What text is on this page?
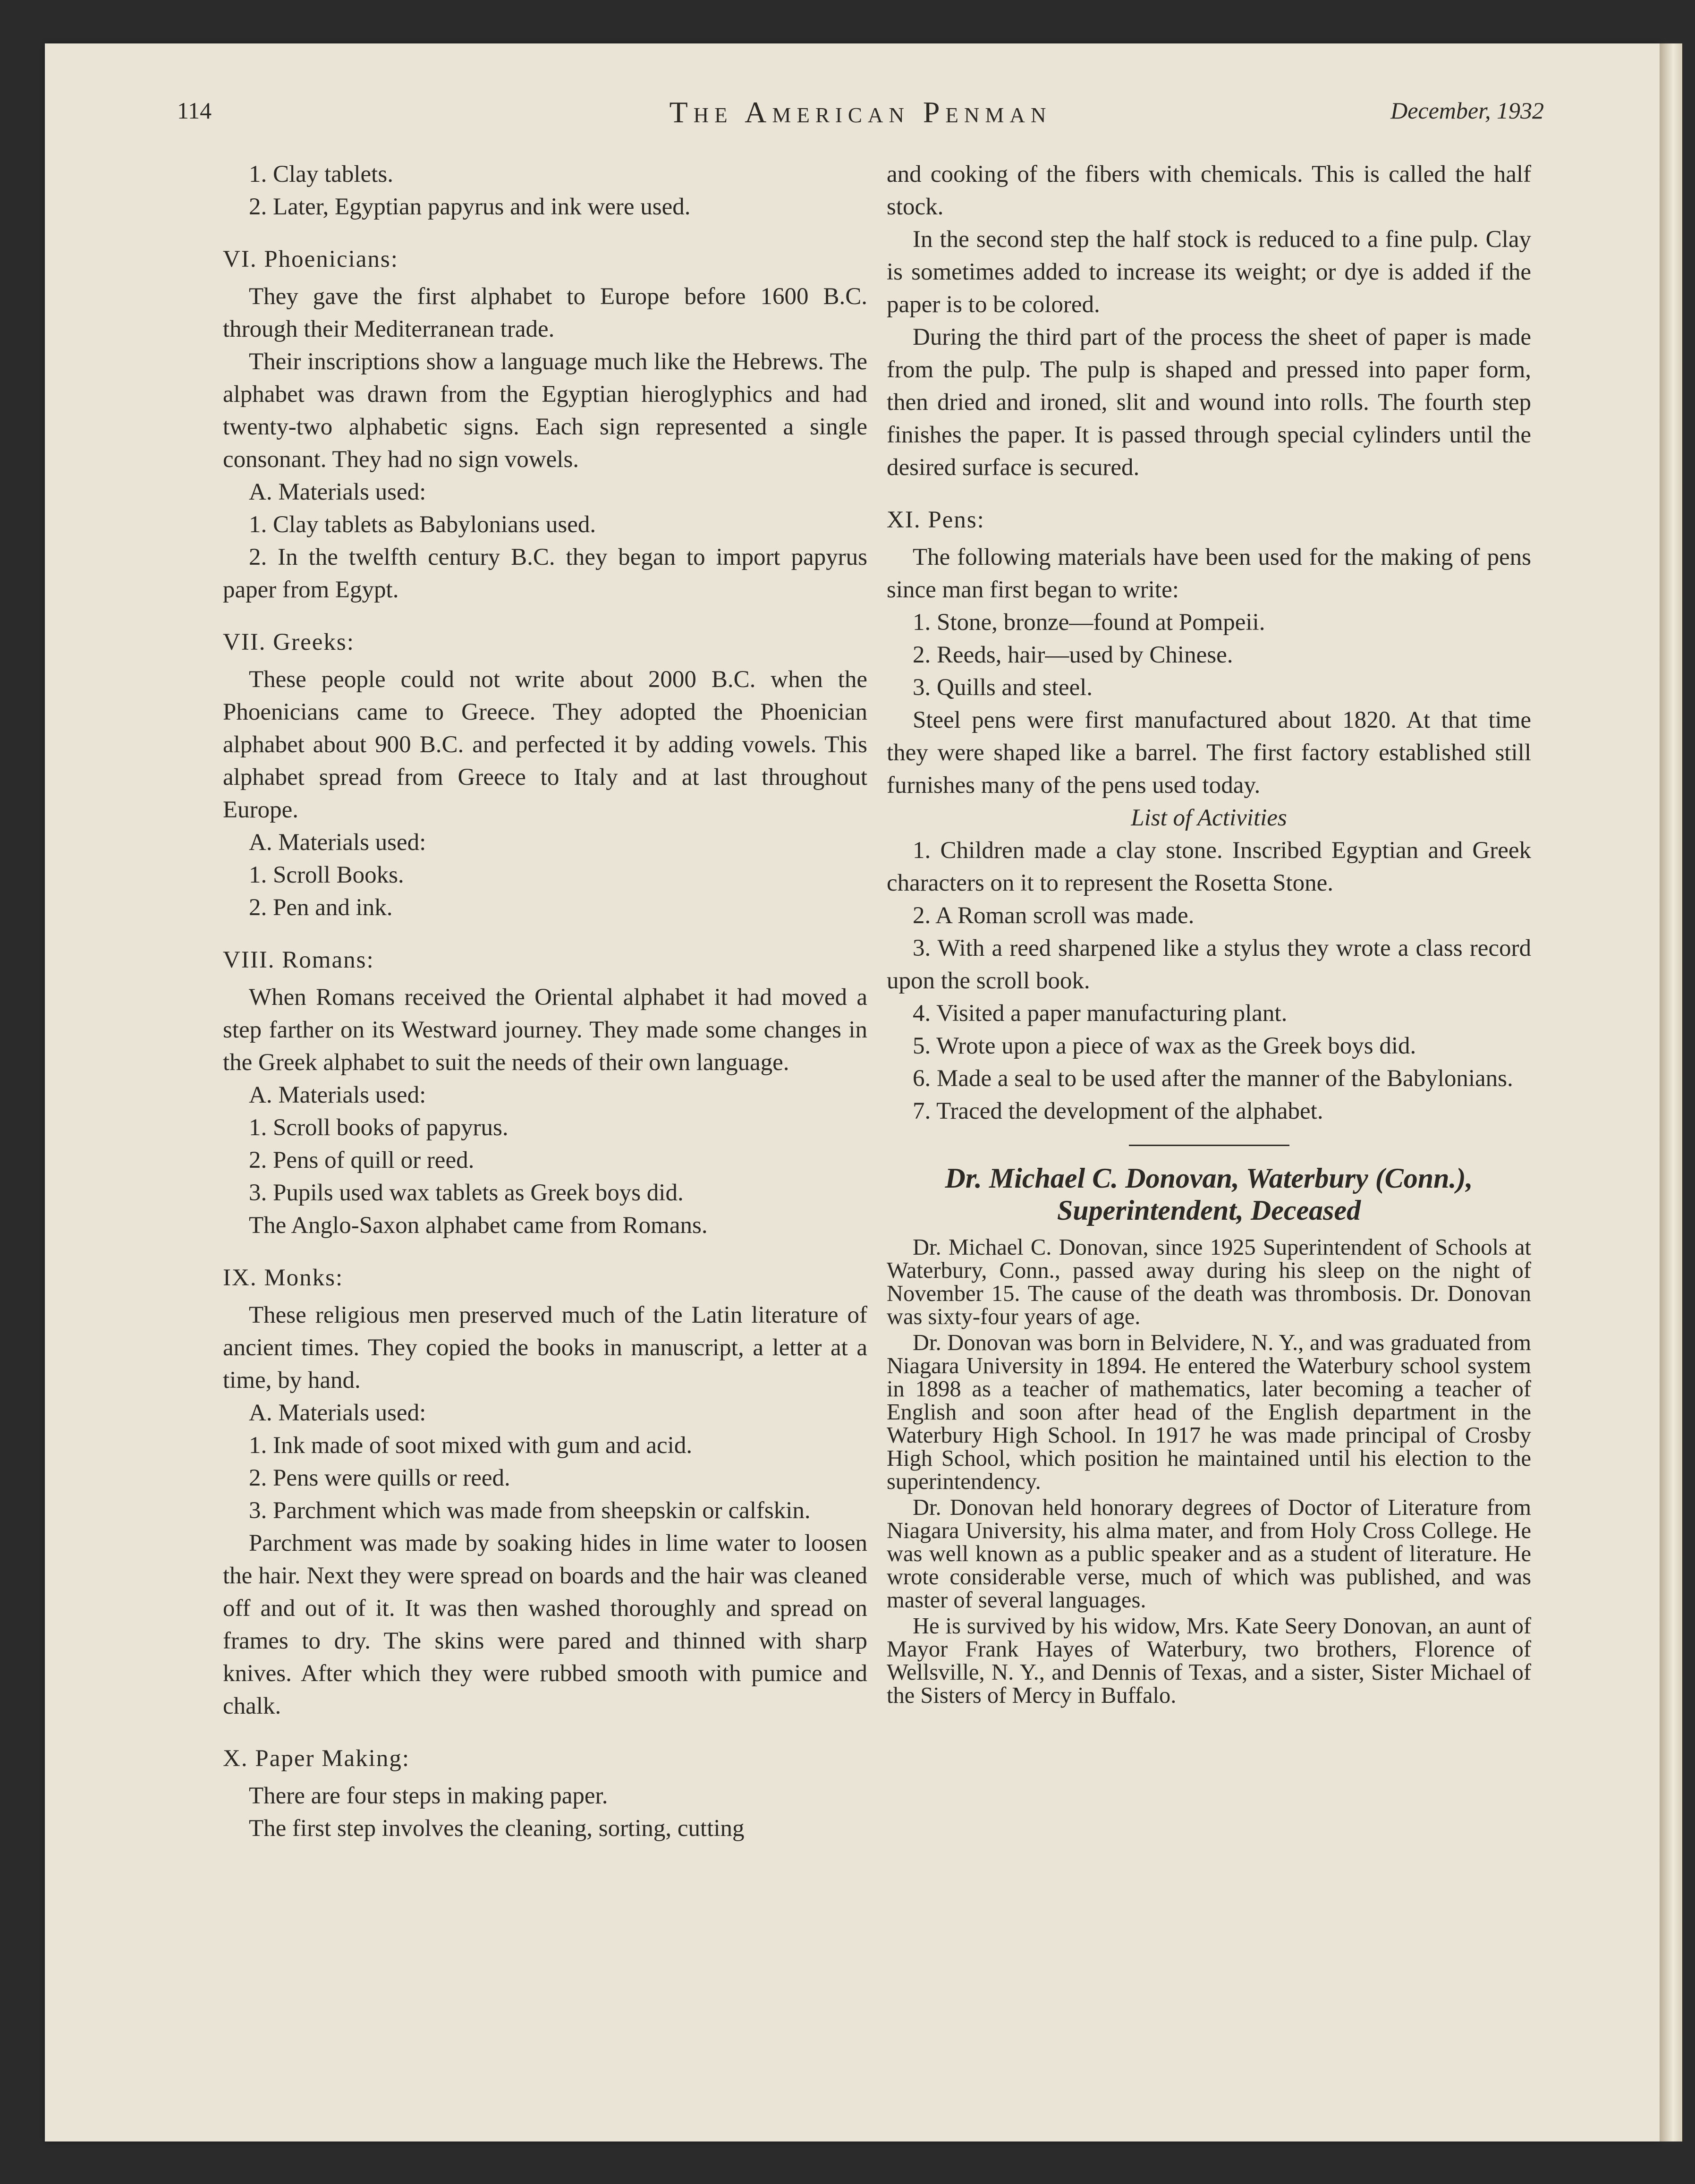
114	The American Penman	December, 1932

1. Clay tablets.

2. Later, Egyptian papyrus and ink were used.

VI. Phoenicians:

They gave the first alphabet to Europe before 1600 B.C. through their Mediterranean trade.

Their inscriptions show a language much like the Hebrews. The alphabet was drawn from the Egyptian hieroglyphics and had twenty-two alphabetic signs. Each sign represented a single consonant. They had no sign vowels.

A. Materials used:

1. Clay tablets as Babylonians used.

2. In the twelfth century B.C. they began to import papyrus paper from Egypt.

VII. Greeks:

These people could not write about 2000 B.C. when the Phoenicians came to Greece. They adopted the Phoenician alphabet about 900 B.C. and perfected it by adding vowels. This alphabet spread from Greece to Italy and at last throughout Europe.

A. Materials used:

1. Scroll Books.

2. Pen and ink.

VIII. Romans:

When Romans received the Oriental alphabet it had moved a step farther on its Westward journey. They made some changes in the Greek alphabet to suit the needs of their own language.

A. Materials used:

1. Scroll books of papyrus.

2. Pens of quill or reed.

3. Pupils used wax tablets as Greek boys did.

The Anglo-Saxon alphabet came from Romans.

IX. Monks:

These religious men preserved much of the Latin literature of ancient times. They copied the books in manuscript, a letter at a time, by hand.

A. Materials used:

1. Ink made of soot mixed with gum and acid.

2. Pens were quills or reed.

3. Parchment which was made from sheepskin or calfskin.

Parchment was made by soaking hides in lime water to loosen the hair. Next they were spread on boards and the hair was cleaned off and out of it. It was then washed thoroughly and spread on frames to dry. The skins were pared and thinned with sharp knives. After which they were rubbed smooth with pumice and chalk.

X. Paper Making:

There are four steps in making paper.

The first step involves the cleaning, sorting, cutting

and cooking of the fibers with chemicals. This is called the half stock.

In the second step the half stock is reduced to a fine pulp. Clay is sometimes added to increase its weight; or dye is added if the paper is to be colored.

During the third part of the process the sheet of paper is made from the pulp. The pulp is shaped and pressed into paper form, then dried and ironed, slit and wound into rolls. The fourth step finishes the paper. It is passed through special cylinders until the desired surface is secured.

XI. Pens:

The following materials have been used for the making of pens since man first began to write:

1. Stone, bronze—found at Pompeii.

2. Reeds, hair—used by Chinese.

3. Quills and steel.

Steel pens were first manufactured about 1820. At that time they were shaped like a barrel. The first factory established still furnishes many of the pens used today.

List of Activities

1. Children made a clay stone. Inscribed Egyptian and Greek characters on it to represent the Rosetta Stone.

2. A Roman scroll was made.

3. With a reed sharpened like a stylus they wrote a class record upon the scroll book.

4. Visited a paper manufacturing plant.

5. Wrote upon a piece of wax as the Greek boys did.

6. Made a seal to be used after the manner of the Babylonians.

7. Traced the development of the alphabet.

Dr. Michael C. Donovan, Waterbury (Conn.),
Superintendent, Deceased

Dr. Michael C. Donovan, since 1925 Superintendent of Schools at Waterbury, Conn., passed away during his sleep on the night of November 15. The cause of the death was thrombosis. Dr. Donovan was sixty-four years of age.

Dr. Donovan was born in Belvidere, N. Y., and was graduated from Niagara University in 1894. He entered the Waterbury school system in 1898 as a teacher of mathematics, later becoming a teacher of English and soon after head of the English department in the Waterbury High School. In 1917 he was made principal of Crosby High School, which position he maintained until his election to the superintendency.

Dr. Donovan held honorary degrees of Doctor of Literature from Niagara University, his alma mater, and from Holy Cross College. He was well known as a public speaker and as a student of literature. He wrote considerable verse, much of which was published, and was master of several languages.

He is survived by his widow, Mrs. Kate Seery Donovan, an aunt of Mayor Frank Hayes of Waterbury, two brothers, Florence of Wellsville, N. Y., and Dennis of Texas, and a sister, Sister Michael of the Sisters of Mercy in Buffalo.
